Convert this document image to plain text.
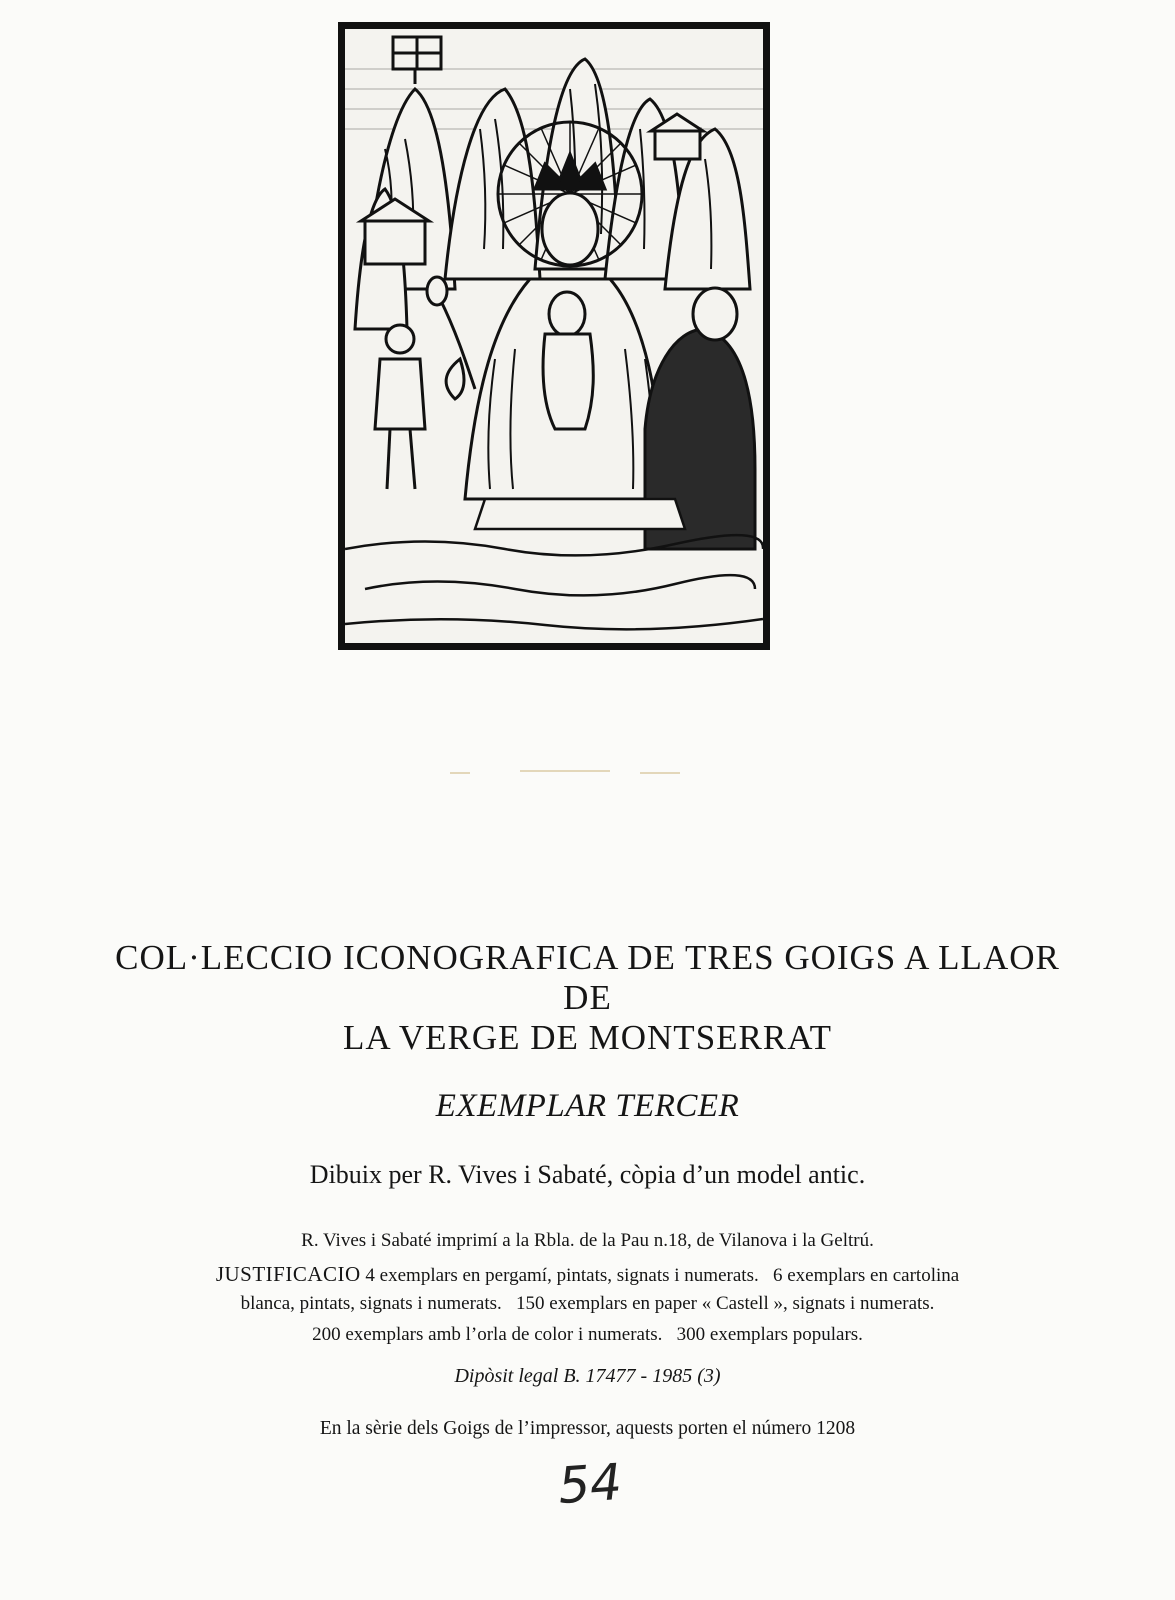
COL·LECCIO ICONOGRAFICA DE TRES GOIGS A LLAOR
DE
LA VERGE DE MONTSERRAT
EXEMPLAR TERCER
Dibuix per R. Vives i Sabaté, còpia d’un model antic.
R. Vives i Sabaté imprimí a la Rbla. de la Pau n.18, de Vilanova i la Geltrú.
JUSTIFICACIO 4 exemplars en pergamí, pintats, signats i numerats.   6 exemplars en cartolina
blanca, pintats, signats i numerats.   150 exemplars en paper « Castell », signats i numerats.
200 exemplars amb l’orla de color i numerats.   300 exemplars populars.
Dipòsit legal B. 17477 - 1985 (3)
En la sèrie dels Goigs de l’impressor, aquests porten el número 1208
54
